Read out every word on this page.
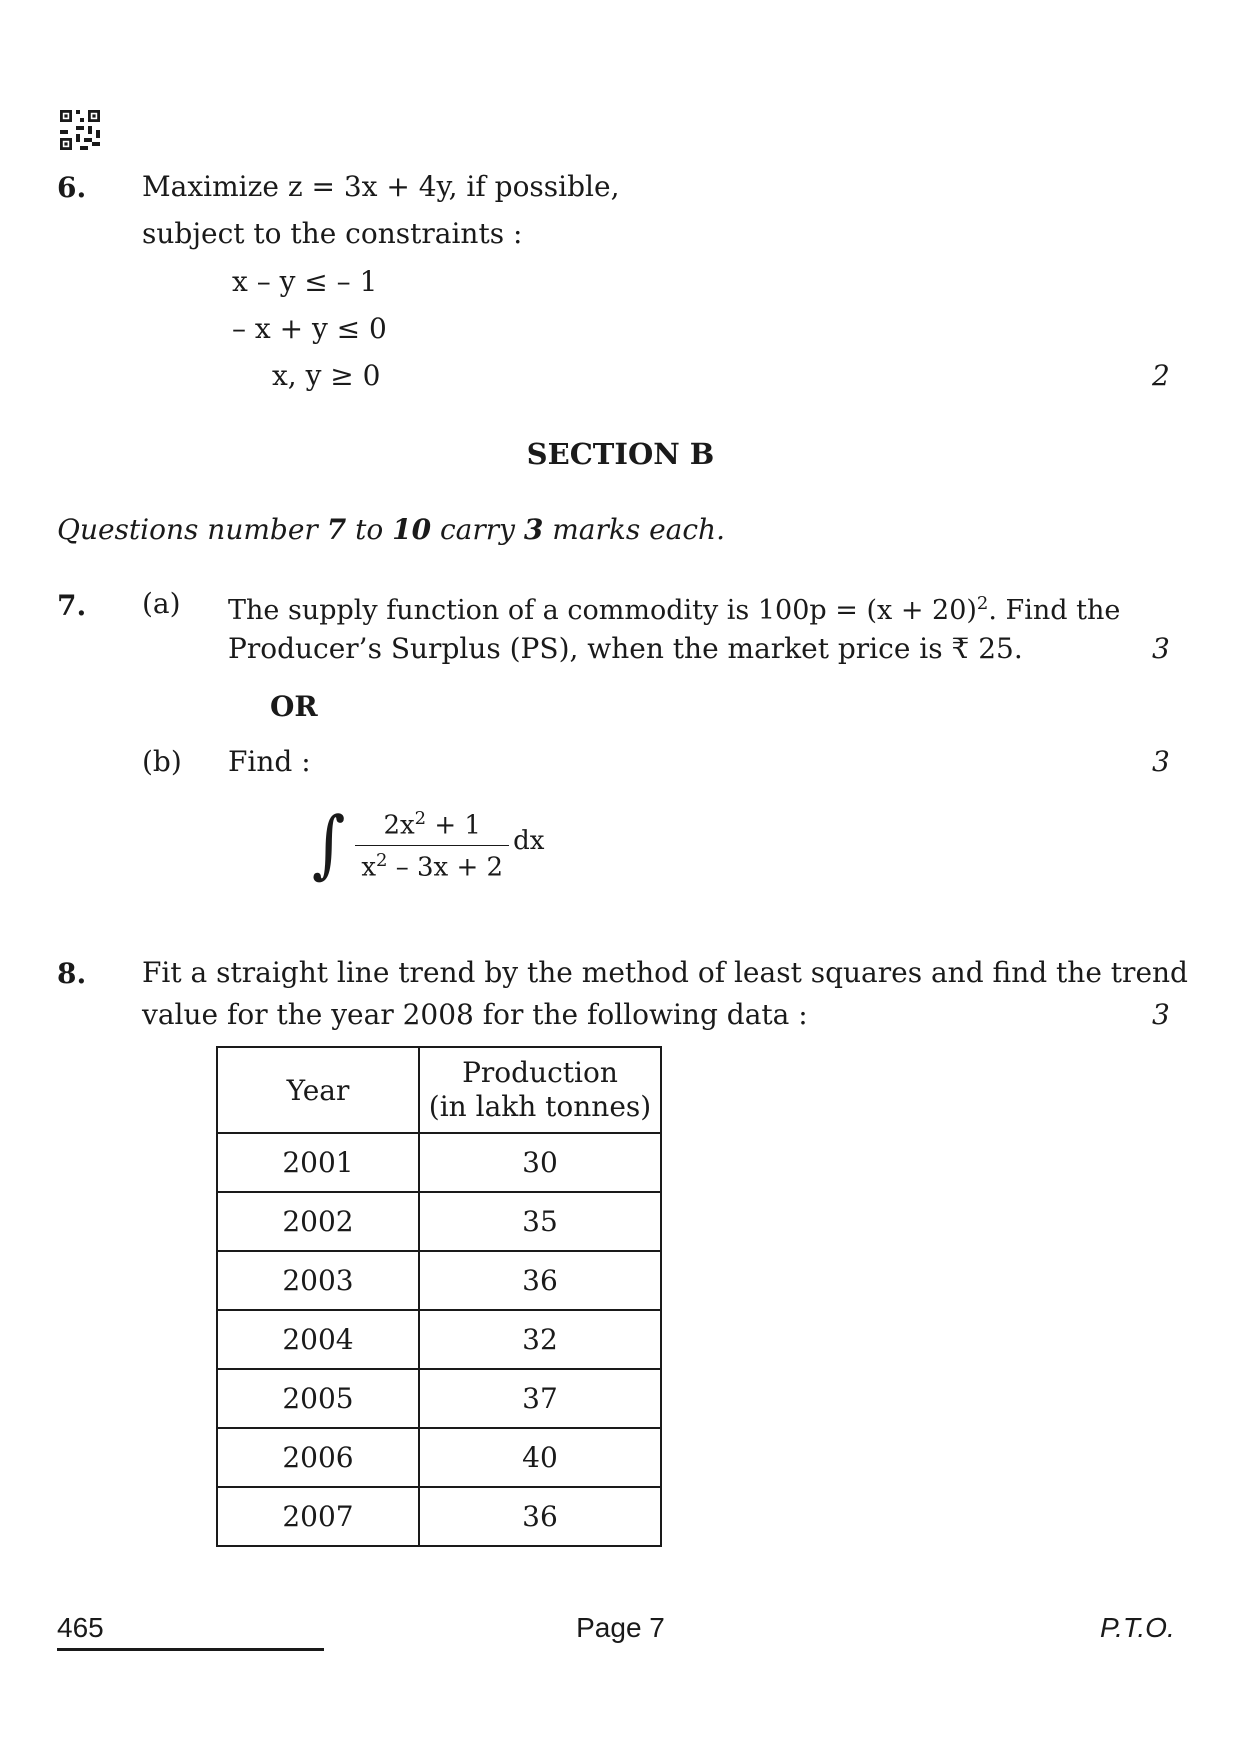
6. Maximize z = 3x + 4y, if possible,
subject to the constraints :
x – y ≤ – 1
– x + y ≤ 0
x, y ≥ 0	2
SECTION B
Questions number 7 to 10 carry 3 marks each.
7. (a) The supply function of a commodity is $100p = (x + 20)^2$. Find the
Producer’s Surplus (PS), when the market price is ₹ 25.	3
OR
(b) Find :	3
∫ $\frac{2x^2 + 1}{x^2 - 3x + 2}$ dx
8. Fit a straight line trend by the method of least squares and find the trend
value for the year 2008 for the following data :	3
Year	Production
(in lakh tonnes)
2001	30
2002	35
2003	36
2004	32
2005	37
2006	40
2007	36
465	Page 7	P.T.O.
